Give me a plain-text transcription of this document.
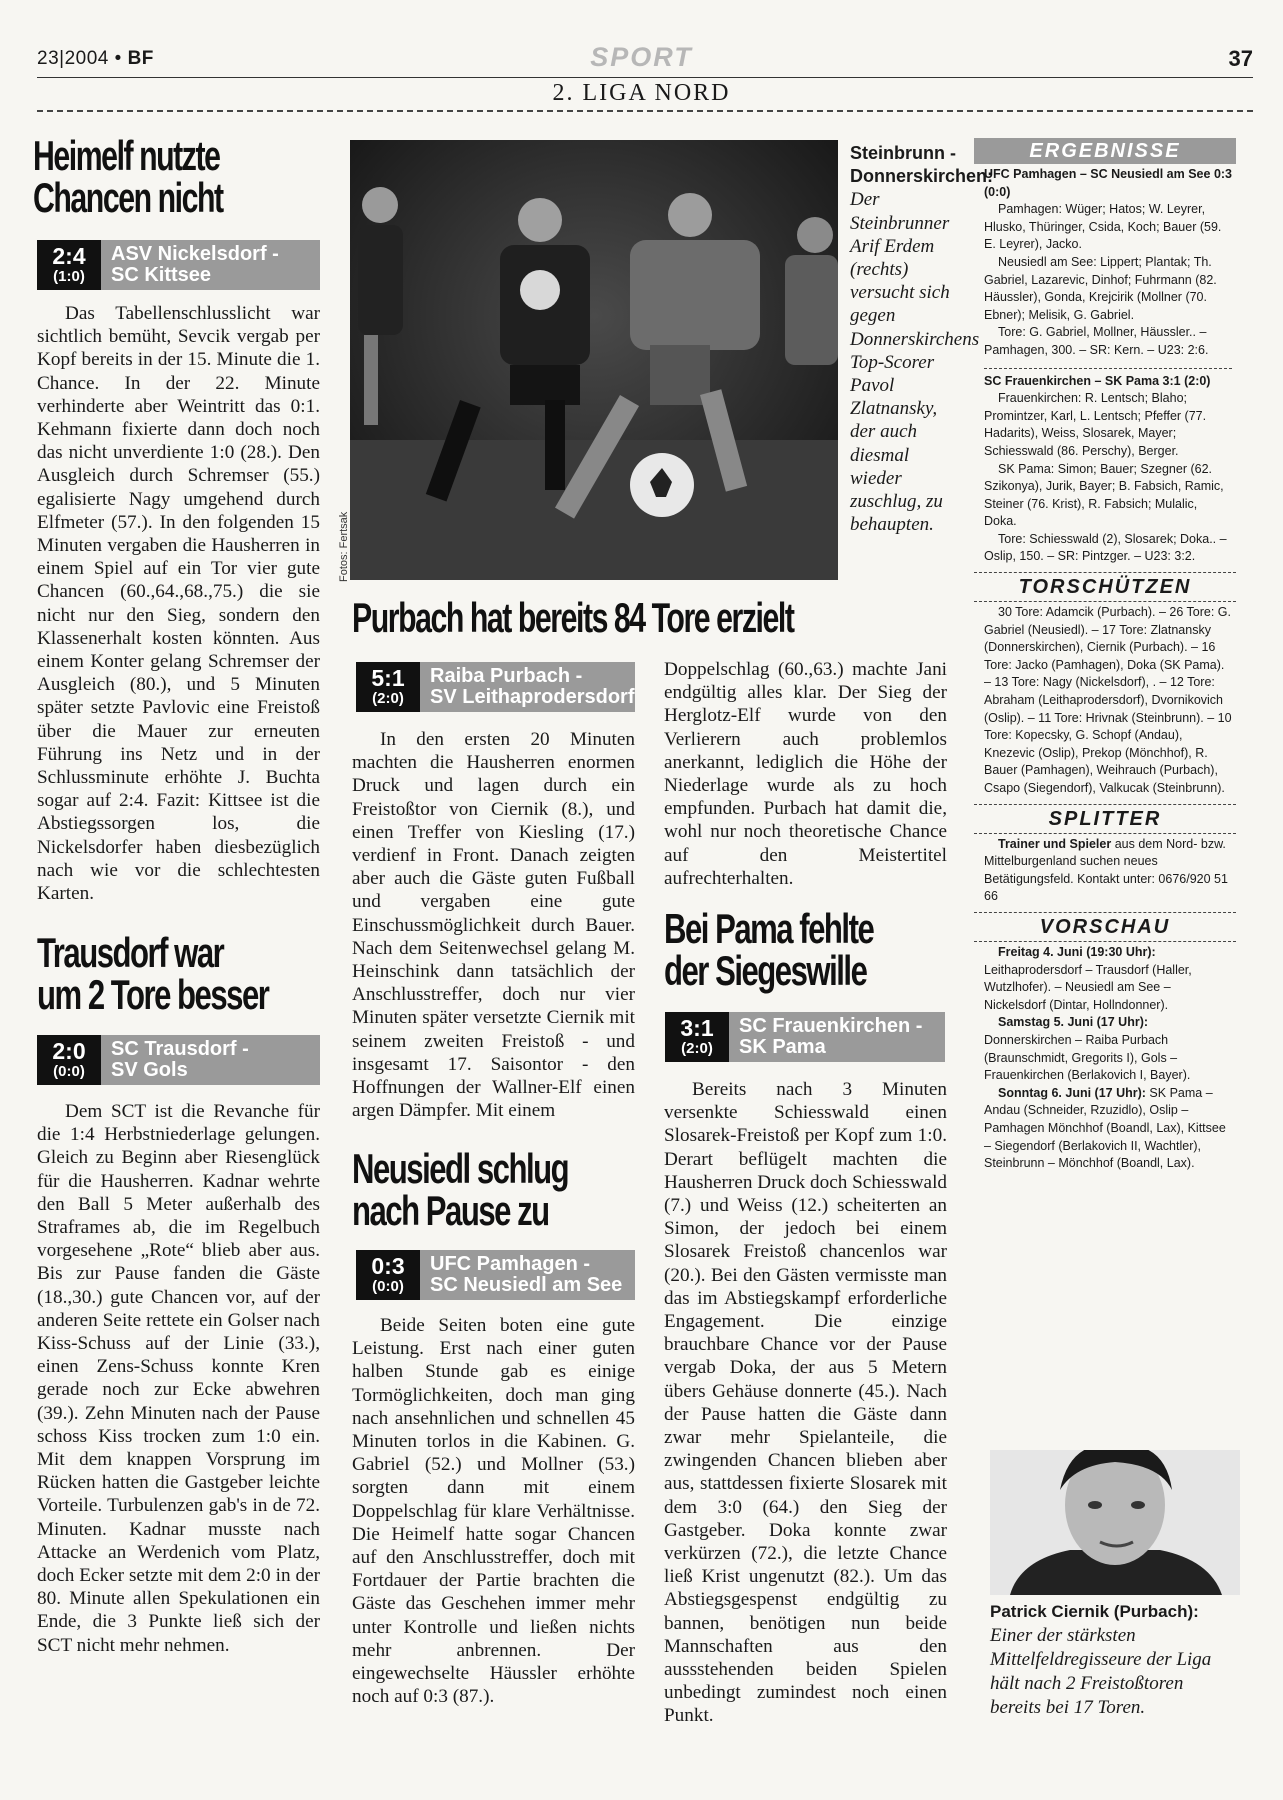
23|2004 • BF	SPORT	37
2. LIGA NORD
Heimelf nutzte
Chancen nicht
2:4
(1:0)
ASV Nickelsdorf -
SC Kittsee

Das Tabellenschlusslicht war sichtlich bemüht, Sevcik vergab per Kopf bereits in der 15. Minute die 1. Chance. In der 22. Minute verhinderte aber Weintritt das 0:1. Kehmann fixierte dann doch noch das nicht unverdiente 1:0 (28.). Den Ausgleich durch Schremser (55.) egalisierte Nagy umgehend durch Elfmeter (57.). In den folgenden 15 Minuten vergaben die Hausherren in einem Spiel auf ein Tor vier gute Chancen (60.,64.,68.,75.) die sie nicht nur den Sieg, sondern den Klassenerhalt kosten könnten. Aus einem Konter gelang Schremser der Ausgleich (80.), und 5 Minuten später setzte Pavlovic eine Freistoß über die Mauer zur erneuten Führung ins Netz und in der Schlussminute erhöhte J. Buchta sogar auf 2:4. Fazit: Kittsee ist die Abstiegssorgen los, die Nickelsdorfer haben diesbezüglich nach wie vor die schlechtesten Karten.

Trausdorf war
um 2 Tore besser
2:0
(0:0)
SC Trausdorf -
SV Gols

Dem SCT ist die Revanche für die 1:4 Herbstniederlage gelungen. Gleich zu Beginn aber Riesenglück für die Hausherren. Kadnar wehrte den Ball 5 Meter außerhalb des Straframes ab, die im Regelbuch vorgesehene „Rote“ blieb aber aus. Bis zur Pause fanden die Gäste (18.,30.) gute Chancen vor, auf der anderen Seite rettete ein Golser nach Kiss-Schuss auf der Linie (33.), einen Zens-Schuss konnte Kren gerade noch zur Ecke abwehren (39.). Zehn Minuten nach der Pause schoss Kiss trocken zum 1:0 ein. Mit dem knappen Vorsprung im Rücken hatten die Gastgeber leichte Vorteile. Turbulenzen gab's in de 72. Minuten. Kadnar musste nach Attacke an Werdenich vom Platz, doch Ecker setzte mit dem 2:0 in der 80. Minute allen Spekulationen ein Ende, die 3 Punkte ließ sich der SCT nicht mehr nehmen.

Fotos: Fertsak
Steinbrunn - Donnerskirchen: Der Steinbrunner Arif Erdem (rechts) versucht sich gegen Donnerskirchens Top-Scorer Pavol Zlatnansky, der auch diesmal wieder zuschlug, zu behaupten.
Purbach hat bereits 84 Tore erzielt
5:1
(2:0)
Raiba Purbach -
SV Leithaprodersdorf

In den ersten 20 Minuten machten die Hausherren enormen Druck und lagen durch ein Freistoßtor von Ciernik (8.), und einen Treffer von Kiesling (17.) verdienf in Front. Danach zeigten aber auch die Gäste guten Fußball und vergaben eine gute Einschussmöglichkeit durch Bauer. Nach dem Seitenwechsel gelang M. Heinschink dann tatsächlich der Anschlusstreffer, doch nur vier Minuten später versetzte Ciernik mit seinem zweiten Freistoß - und insgesamt 17. Saisontor - den Hoffnungen der Wallner-Elf einen argen Dämpfer. Mit einem

Neusiedl schlug
nach Pause zu
0:3
(0:0)
UFC Pamhagen -
SC Neusiedl am See

Beide Seiten boten eine gute Leistung. Erst nach einer guten halben Stunde gab es einige Tormöglichkeiten, doch man ging nach ansehnlichen und schnellen 45 Minuten torlos in die Kabinen. G. Gabriel (52.) und Mollner (53.) sorgten dann mit einem Doppelschlag für klare Verhältnisse. Die Heimelf hatte sogar Chancen auf den Anschlusstreffer, doch mit Fortdauer der Partie brachten die Gäste das Geschehen immer mehr unter Kontrolle und ließen nichts mehr anbrennen. Der eingewechselte Häussler erhöhte noch auf 0:3 (87.).

Doppelschlag (60.,63.) machte Jani endgültig alles klar. Der Sieg der Herglotz-Elf wurde von den Verlierern auch problemlos anerkannt, lediglich die Höhe der Niederlage wurde als zu hoch empfunden. Purbach hat damit die, wohl nur noch theoretische Chance auf den Meistertitel aufrechterhalten.

Bei Pama fehlte
der Siegeswille
3:1
(2:0)
SC Frauenkirchen -
SK Pama

Bereits nach 3 Minuten versenkte Schiesswald einen Slosarek-Freistoß per Kopf zum 1:0. Derart beflügelt machten die Hausherren Druck doch Schiesswald (7.) und Weiss (12.) scheiterten an Simon, der jedoch bei einem Slosarek Freistoß chancenlos war (20.). Bei den Gästen vermisste man das im Abstiegskampf erforderliche Engagement. Die einzige brauchbare Chance vor der Pause vergab Doka, der aus 5 Metern übers Gehäuse donnerte (45.). Nach der Pause hatten die Gäste dann zwar mehr Spielanteile, die zwingenden Chancen blieben aber aus, stattdessen fixierte Slosarek mit dem 3:0 (64.) den Sieg der Gastgeber. Doka konnte zwar verkürzen (72.), die letzte Chance ließ Krist ungenutzt (82.). Um das Abstiegsgespenst endgültig zu bannen, benötigen nun beide Mannschaften aus den aussstehenden beiden Spielen unbedingt zumindest noch einen Punkt.

ERGEBNISSE

UFC Pamhagen – SC Neusiedl am See 0:3 (0:0)

Pamhagen: Wüger; Hatos; W. Leyrer, Hlusko, Thüringer, Csida, Koch; Bauer (59. E. Leyrer), Jacko.

Neusiedl am See: Lippert; Plantak; Th. Gabriel, Lazarevic, Dinhof; Fuhrmann (82. Häussler), Gonda, Krejcirik (Mollner (70. Ebner); Melisik, G. Gabriel.

Tore: G. Gabriel, Mollner, Häussler.. – Pamhagen, 300. – SR: Kern. – U23: 2:6.

SC Frauenkirchen – SK Pama 3:1 (2:0)

Frauenkirchen: R. Lentsch; Blaho; Promintzer, Karl, L. Lentsch; Pfeffer (77. Hadarits), Weiss, Slosarek, Mayer; Schiesswald (86. Perschy), Berger.

SK Pama: Simon; Bauer; Szegner (62. Szikonya), Jurik, Bayer; B. Fabsich, Ramic, Steiner (76. Krist), R. Fabsich; Mulalic, Doka.

Tore: Schiesswald (2), Slosarek; Doka.. – Oslip, 150. – SR: Pintzger. – U23: 3:2.

TORSCHÜTZEN

30 Tore: Adamcik (Purbach). – 26 Tore: G. Gabriel (Neusiedl). – 17 Tore: Zlatnansky (Donnerskirchen), Ciernik (Purbach). – 16 Tore: Jacko (Pamhagen), Doka (SK Pama). – 13 Tore: Nagy (Nickelsdorf), . – 12 Tore: Abraham (Leithaprodersdorf), Dvornikovich (Oslip). – 11 Tore: Hrivnak (Steinbrunn). – 10 Tore: Kopecsky, G. Schopf (Andau), Knezevic (Oslip), Prekop (Mönchhof), R. Bauer (Pamhagen), Weihrauch (Purbach), Csapo (Siegendorf), Valkucak (Steinbrunn).

SPLITTER

Trainer und Spieler aus dem Nord- bzw. Mittelburgenland suchen neues Betätigungsfeld. Kontakt unter: 0676/920 51 66

VORSCHAU

Freitag 4. Juni (19:30 Uhr): Leithaprodersdorf – Trausdorf (Haller, Wutzlhofer). – Neusiedl am See – Nickelsdorf (Dintar, Hollndonner).

Samstag 5. Juni (17 Uhr): Donnerskirchen – Raiba Purbach (Braunschmidt, Gregorits I), Gols – Frauenkirchen (Berlakovich I, Bayer).

Sonntag 6. Juni (17 Uhr): SK Pama – Andau (Schneider, Rzuzidlo), Oslip – Pamhagen Mönchhof (Boandl, Lax), Kittsee – Siegendorf (Berlakovich II, Wachtler), Steinbrunn – Mönchhof (Boandl, Lax).

Patrick Ciernik (Purbach): Einer der stärksten Mittelfeldregisseure der Liga hält nach 2 Freistoßtoren bereits bei 17 Toren.
